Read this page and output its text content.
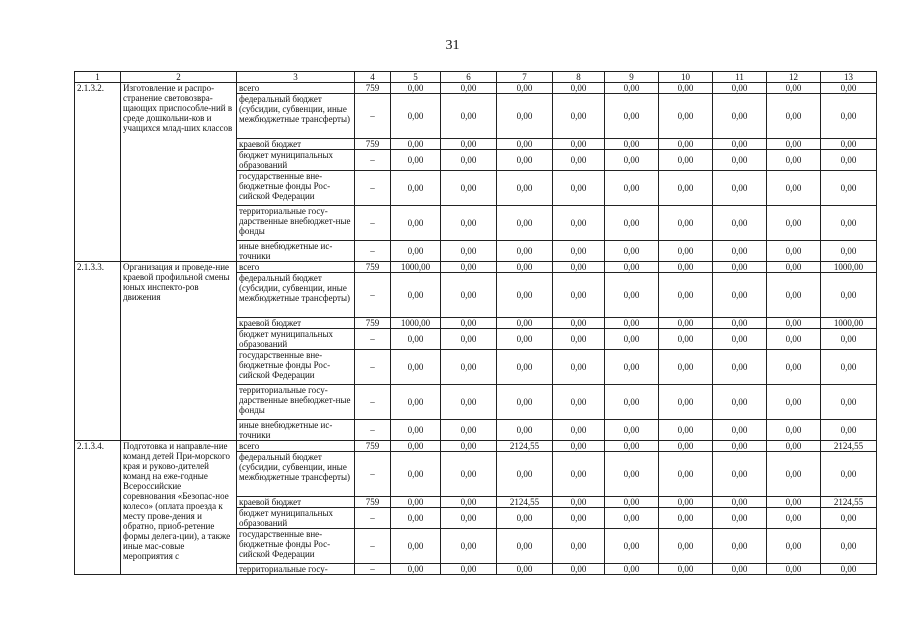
31
1	2	3	4	5	6	7	8	9	10	11	12	13
2.1.3.2.	Изготовление и распро-странение световозвра-щающих приспособле-ний в среде дошкольни-ков и учащихся млад-ших классов	всего	759	0,00	0,00	0,00	0,00	0,00	0,00	0,00	0,00	0,00
		федеральный бюджет (субсидии, субвенции, иные межбюджетные трансферты)	–	0,00	0,00	0,00	0,00	0,00	0,00	0,00	0,00	0,00
		краевой бюджет	759	0,00	0,00	0,00	0,00	0,00	0,00	0,00	0,00	0,00
		бюджет муниципальных образований	–	0,00	0,00	0,00	0,00	0,00	0,00	0,00	0,00	0,00
		государственные вне-бюджетные фонды Рос-сийской Федерации	–	0,00	0,00	0,00	0,00	0,00	0,00	0,00	0,00	0,00
		территориальные госу-дарственные внебюджет-ные фонды	–	0,00	0,00	0,00	0,00	0,00	0,00	0,00	0,00	0,00
		иные внебюджетные ис-точники	–	0,00	0,00	0,00	0,00	0,00	0,00	0,00	0,00	0,00
2.1.3.3.	Организация и проведе-ние краевой профильной смены юных инспекто-ров движения	всего	759	1000,00	0,00	0,00	0,00	0,00	0,00	0,00	0,00	1000,00
		федеральный бюджет (субсидии, субвенции, иные межбюджетные трансферты)	–	0,00	0,00	0,00	0,00	0,00	0,00	0,00	0,00	0,00
		краевой бюджет	759	1000,00	0,00	0,00	0,00	0,00	0,00	0,00	0,00	1000,00
		бюджет муниципальных образований	–	0,00	0,00	0,00	0,00	0,00	0,00	0,00	0,00	0,00
		государственные вне-бюджетные фонды Рос-сийской Федерации	–	0,00	0,00	0,00	0,00	0,00	0,00	0,00	0,00	0,00
		территориальные госу-дарственные внебюджет-ные фонды	–	0,00	0,00	0,00	0,00	0,00	0,00	0,00	0,00	0,00
		иные внебюджетные ис-точники	–	0,00	0,00	0,00	0,00	0,00	0,00	0,00	0,00	0,00
2.1.3.4.	Подготовка и направле-ние команд детей При-морского края и руково-дителей команд на еже-годные Всероссийские соревнования «Безопас-ное колесо» (оплата проезда к месту прове-дения и обратно, приоб-ретение формы делега-ции), а также иные мас-совые мероприятия с	всего	759	0,00	0,00	2124,55	0,00	0,00	0,00	0,00	0,00	2124,55
		федеральный бюджет (субсидии, субвенции, иные межбюджетные трансферты)	–	0,00	0,00	0,00	0,00	0,00	0,00	0,00	0,00	0,00
		краевой бюджет	759	0,00	0,00	2124,55	0,00	0,00	0,00	0,00	0,00	2124,55
		бюджет муниципальных образований	–	0,00	0,00	0,00	0,00	0,00	0,00	0,00	0,00	0,00
		государственные вне-бюджетные фонды Рос-сийской Федерации	–	0,00	0,00	0,00	0,00	0,00	0,00	0,00	0,00	0,00
		территориальные госу-	–	0,00	0,00	0,00	0,00	0,00	0,00	0,00	0,00	0,00
